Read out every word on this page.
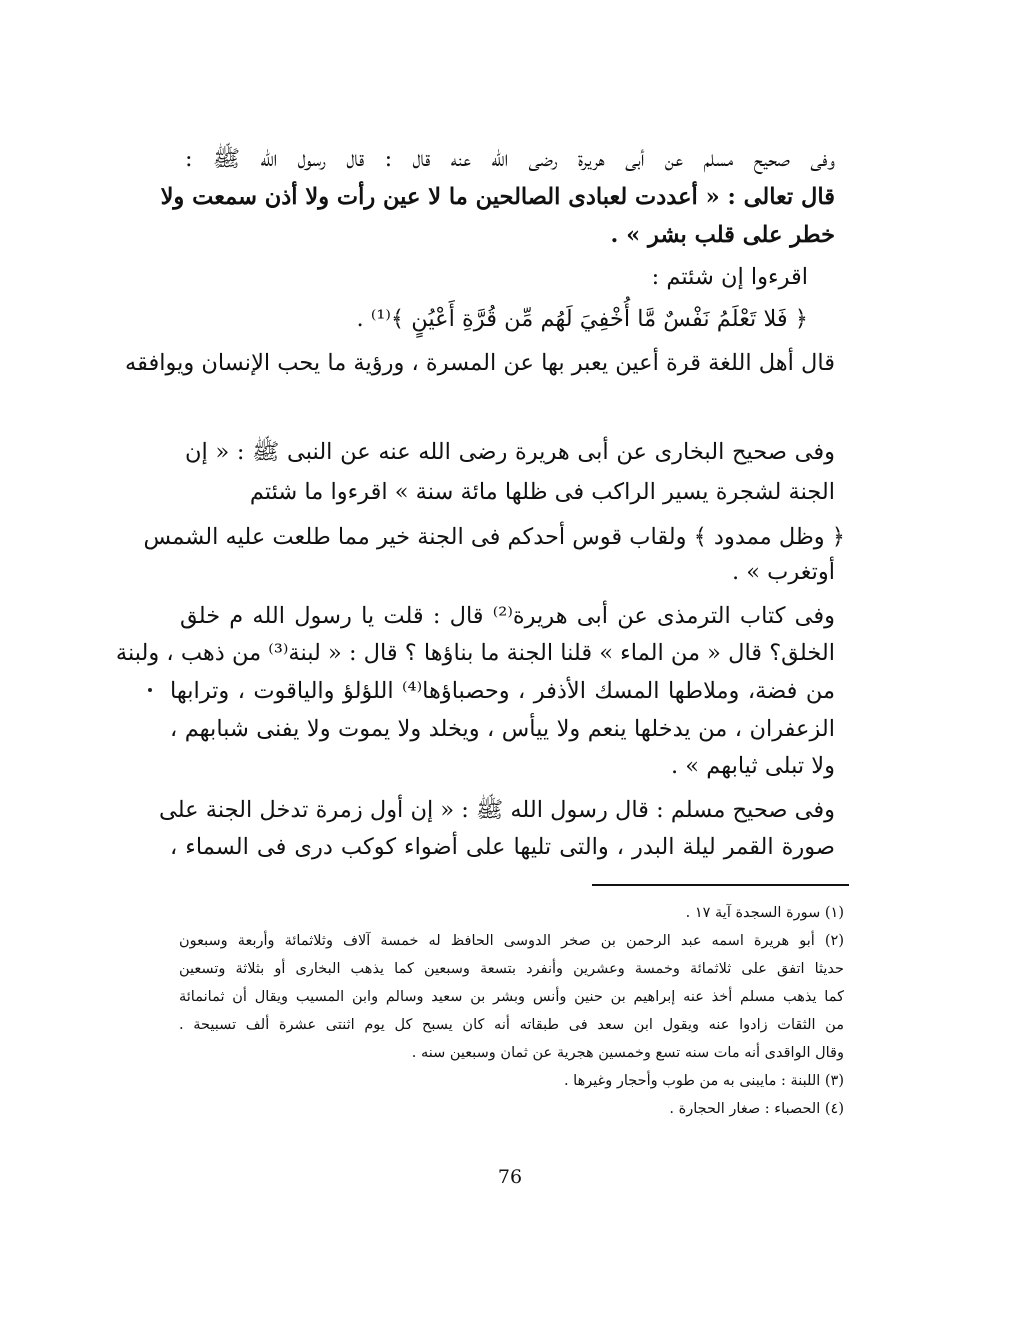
وفى صحيح مسلم عن أبى هريرة رضى الله عنه قال : قال رسول الله ﷺ :
قال تعالى : « أعددت لعبادى الصالحين ما لا عين رأت ولا أذن سمعت ولا
خطر على قلب بشر » .
اقرءوا إن شئتم :
﴿ فَلا تَعْلَمُ نَفْسٌ مَّا أُخْفِيَ لَهُم مِّن قُرَّةِ أَعْيُنٍ ﴾⁽¹⁾ .
قال أهل اللغة قرة أعين يعبر بها عن المسرة ، ورؤية ما يحب الإنسان ويوافقه
وفى صحيح البخارى عن أبى هريرة رضى الله عنه عن النبى ﷺ : « إن
الجنة لشجرة يسير الراكب فى ظلها مائة سنة » اقرءوا ما شئتم
﴿ وظل ممدود ﴾ ولقاب قوس أحدكم فى الجنة خير مما طلعت عليه الشمس
أوتغرب » .
وفى كتاب الترمذى عن أبى هريرة⁽²⁾ قال : قلت يا رسول الله م خلق
الخلق؟ قال « من الماء » قلنا الجنة ما بناؤها ؟ قال : « لبنة⁽³⁾ من ذهب ، ولبنة
من فضة، وملاطها المسك الأذفر ، وحصباؤها⁽⁴⁾ اللؤلؤ والياقوت ، وترابها
الزعفران ، من يدخلها ينعم ولا ييأس ، ويخلد ولا يموت ولا يفنى شبابهم ،
ولا تبلى ثيابهم » .
وفى صحيح مسلم : قال رسول الله ﷺ : « إن أول زمرة تدخل الجنة على
صورة القمر ليلة البدر ، والتى تليها على أضواء كوكب درى فى السماء ،
(١) سورة السجدة آية ١٧ .
(٢) أبو هريرة اسمه عبد الرحمن بن صخر الدوسى الحافظ له خمسة آلاف وثلاثمائة وأربعة وسبعون
حديثا اتفق على ثلاثمائة وخمسة وعشرين وأنفرد بتسعة وسبعين كما يذهب البخارى أو بثلاثة وتسعين
كما يذهب مسلم أخذ عنه إبراهيم بن حنين وأنس وبشر بن سعيد وسالم وابن المسيب ويقال أن ثمانمائة
من الثقات زادوا عنه ويقول ابن سعد فى طبقاته أنه كان يسبح كل يوم اثنتى عشرة ألف تسبيحة .
وقال الواقدى أنه مات سنه تسع وخمسين هجرية عن ثمان وسبعين سنه .
(٣) اللبنة : مايبنى به من طوب وأحجار وغيرها .
(٤) الحصباء : صغار الحجارة .
76
